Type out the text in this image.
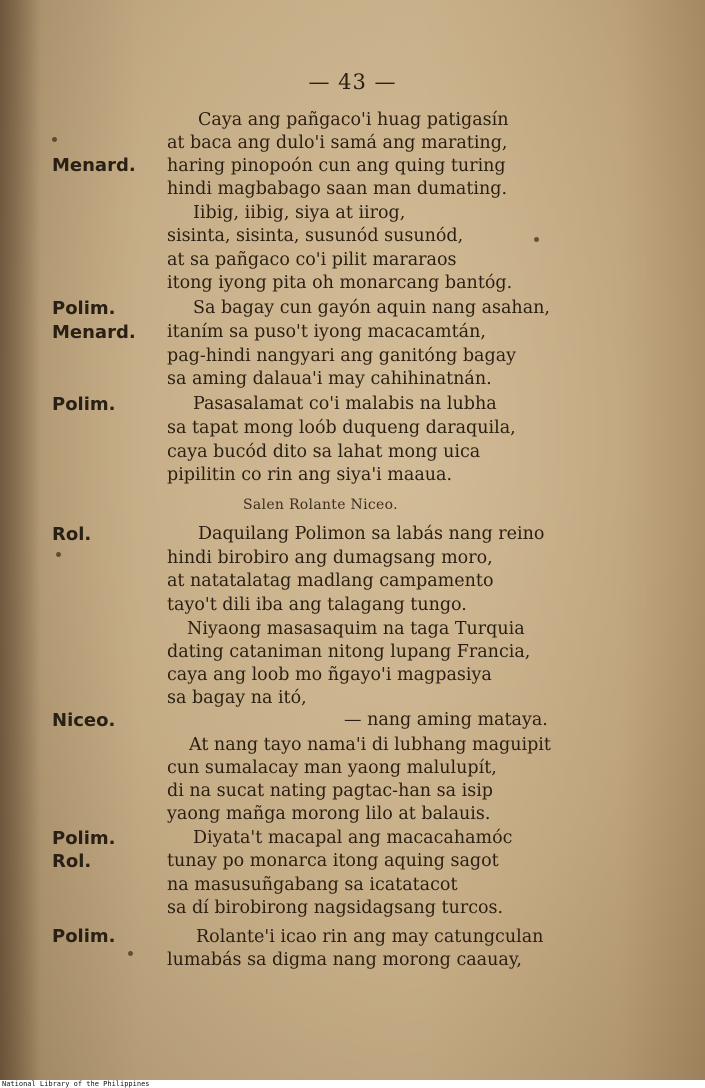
— 43 —
Menard.
Polim.
Menard.
Polim.
Rol.
Niceo.
Polim.
Rol.
Polim.
Caya ang pañgaco'i huag patigasín
at baca ang dulo'i samá ang marating,
haring pinopoón cun ang quing turing
hindi magbabago saan man dumating.
Iibig, iibig, siya at iirog,
sisinta, sisinta, susunód susunód,
at sa pañgaco co'i pilit mararaos
itong iyong pita oh monarcang bantóg.
Sa bagay cun gayón aquin nang asahan,
itaním sa puso't iyong macacamtán,
pag-hindi nangyari ang ganitóng bagay
sa aming dalaua'i may cahihinatnán.
Pasasalamat co'i malabis na lubha
sa tapat mong loób duqueng daraquila,
caya bucód dito sa lahat mong uica
pipilitin co rin ang siya'i maaua.
Salen Rolante Niceo.
Daquilang Polimon sa labás nang reino
hindi birobiro ang dumagsang moro,
at natatalatag madlang campamento
tayo't dili iba ang talagang tungo.
Niyaong masasaquim na taga Turquia
dating cataniman nitong lupang Francia,
caya ang loob mo ñgayo'i magpasiya
sa bagay na itó,
— nang aming mataya.
At nang tayo nama'i di lubhang maguipit
cun sumalacay man yaong malulupít,
di na sucat nating pagtac-han sa isip
yaong mañga morong lilo at balauis.
Diyata't macapal ang macacahamóc
tunay po monarca itong aquing sagot
na masusuñgabang sa icatatacot
sa dí birobirong nagsidagsang turcos.
Rolante'i icao rin ang may catungculan
lumabás sa digma nang morong caauay,
National Library of the Philippines
